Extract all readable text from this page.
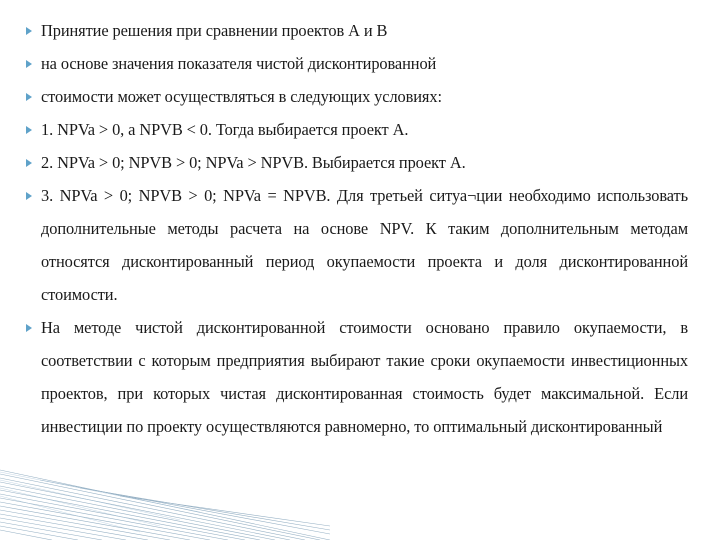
Принятие решения при сравнении проектов А и В
на основе значения показателя чистой дисконтированной
стоимости может осуществляться в следующих условиях:
1. NPVa > 0, а NPVB < 0. Тогда выбирается проект А.
2. NPVa > 0; NPVB > 0; NPVa > NPVB. Выбирается проект А.
3. NPVa > 0; NPVB > 0; NPVa = NPVB. Для третьей ситуа¬ции необходимо использовать дополнительные методы расчета на основе NPV. К таким дополнительным методам относятся дисконтированный период окупаемости проекта и доля дисконтированной стоимости.
На методе чистой дисконтированной стоимости основано правило окупаемости, в соответствии с которым предприятия выбирают такие сроки окупаемости инвестиционных проектов, при которых чистая дисконтированная стоимость будет максимальной. Если инвестиции по проекту осуществляются равномерно, то оптимальный дисконтированный
